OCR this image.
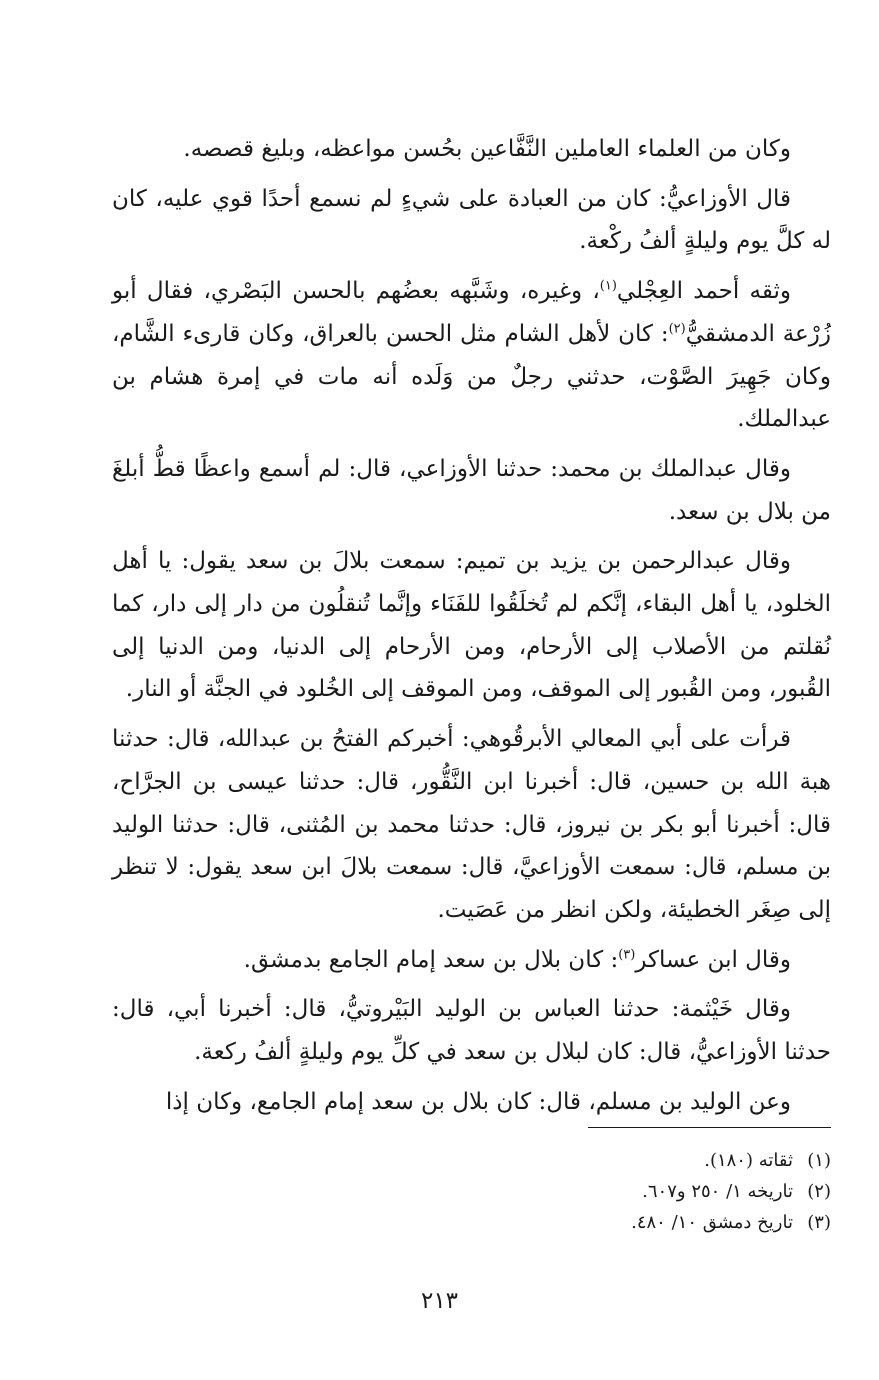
وكان من العلماء العاملين النَّفَّاعين بحُسن مواعظه، وبليغ قصصه.

قال الأوزاعيُّ: كان من العبادة على شيءٍ لم نسمع أحدًا قوي عليه، كان له كلَّ يوم وليلةٍ ألفُ ركْعة.

وثقه أحمد العِجْلي$^{(١)}$، وغيره، وشَبَّهه بعضُهم بالحسن البَصْري، فقال أبو زُرْعة الدمشقيُّ$^{(٢)}$: كان لأهل الشام مثل الحسن بالعراق، وكان قارىء الشَّام، وكان جَهِيرَ الصَّوْت، حدثني رجلٌ من وَلَده أنه مات في إمرة هشام بن عبدالملك.

وقال عبدالملك بن محمد: حدثنا الأوزاعي، قال: لم أسمع واعظًا قطُّ أبلغَ من بلال بن سعد.

وقال عبدالرحمن بن يزيد بن تميم: سمعت بلالَ بن سعد يقول: يا أهل الخلود، يا أهل البقاء، إنَّكم لم تُخلَقُوا للفَنَاء وإنَّما تُنقلُون من دار إلى دار، كما نُقلتم من الأصلاب إلى الأرحام، ومن الأرحام إلى الدنيا، ومن الدنيا إلى القُبور، ومن القُبور إلى الموقف، ومن الموقف إلى الخُلود في الجنَّة أو النار.

قرأت على أبي المعالي الأبرقُوهي: أخبركم الفتحُ بن عبدالله، قال: حدثنا هبة الله بن حسين، قال: أخبرنا ابن النَّقُّور، قال: حدثنا عيسى بن الجرَّاح، قال: أخبرنا أبو بكر بن نيروز، قال: حدثنا محمد بن المُثنى، قال: حدثنا الوليد بن مسلم، قال: سمعت الأوزاعيَّ، قال: سمعت بلالَ ابن سعد يقول: لا تنظر إلى صِغَر الخطيئة، ولكن انظر من عَصَيت.

وقال ابن عساكر$^{(٣)}$: كان بلال بن سعد إمام الجامع بدمشق.

وقال خَيْثمة: حدثنا العباس بن الوليد البَيْروتيُّ، قال: أخبرنا أبي، قال: حدثنا الأوزاعيُّ، قال: كان لبلال بن سعد في كلِّ يوم وليلةٍ ألفُ ركعة.

وعن الوليد بن مسلم، قال: كان بلال بن سعد إمام الجامع، وكان إذا

(١)ثقاته (١٨٠).

(٢)تاريخه ١/ ٢٥٠ و٦٠٧.

(٣)تاريخ دمشق ١٠/ ٤٨٠.

٢١٣
